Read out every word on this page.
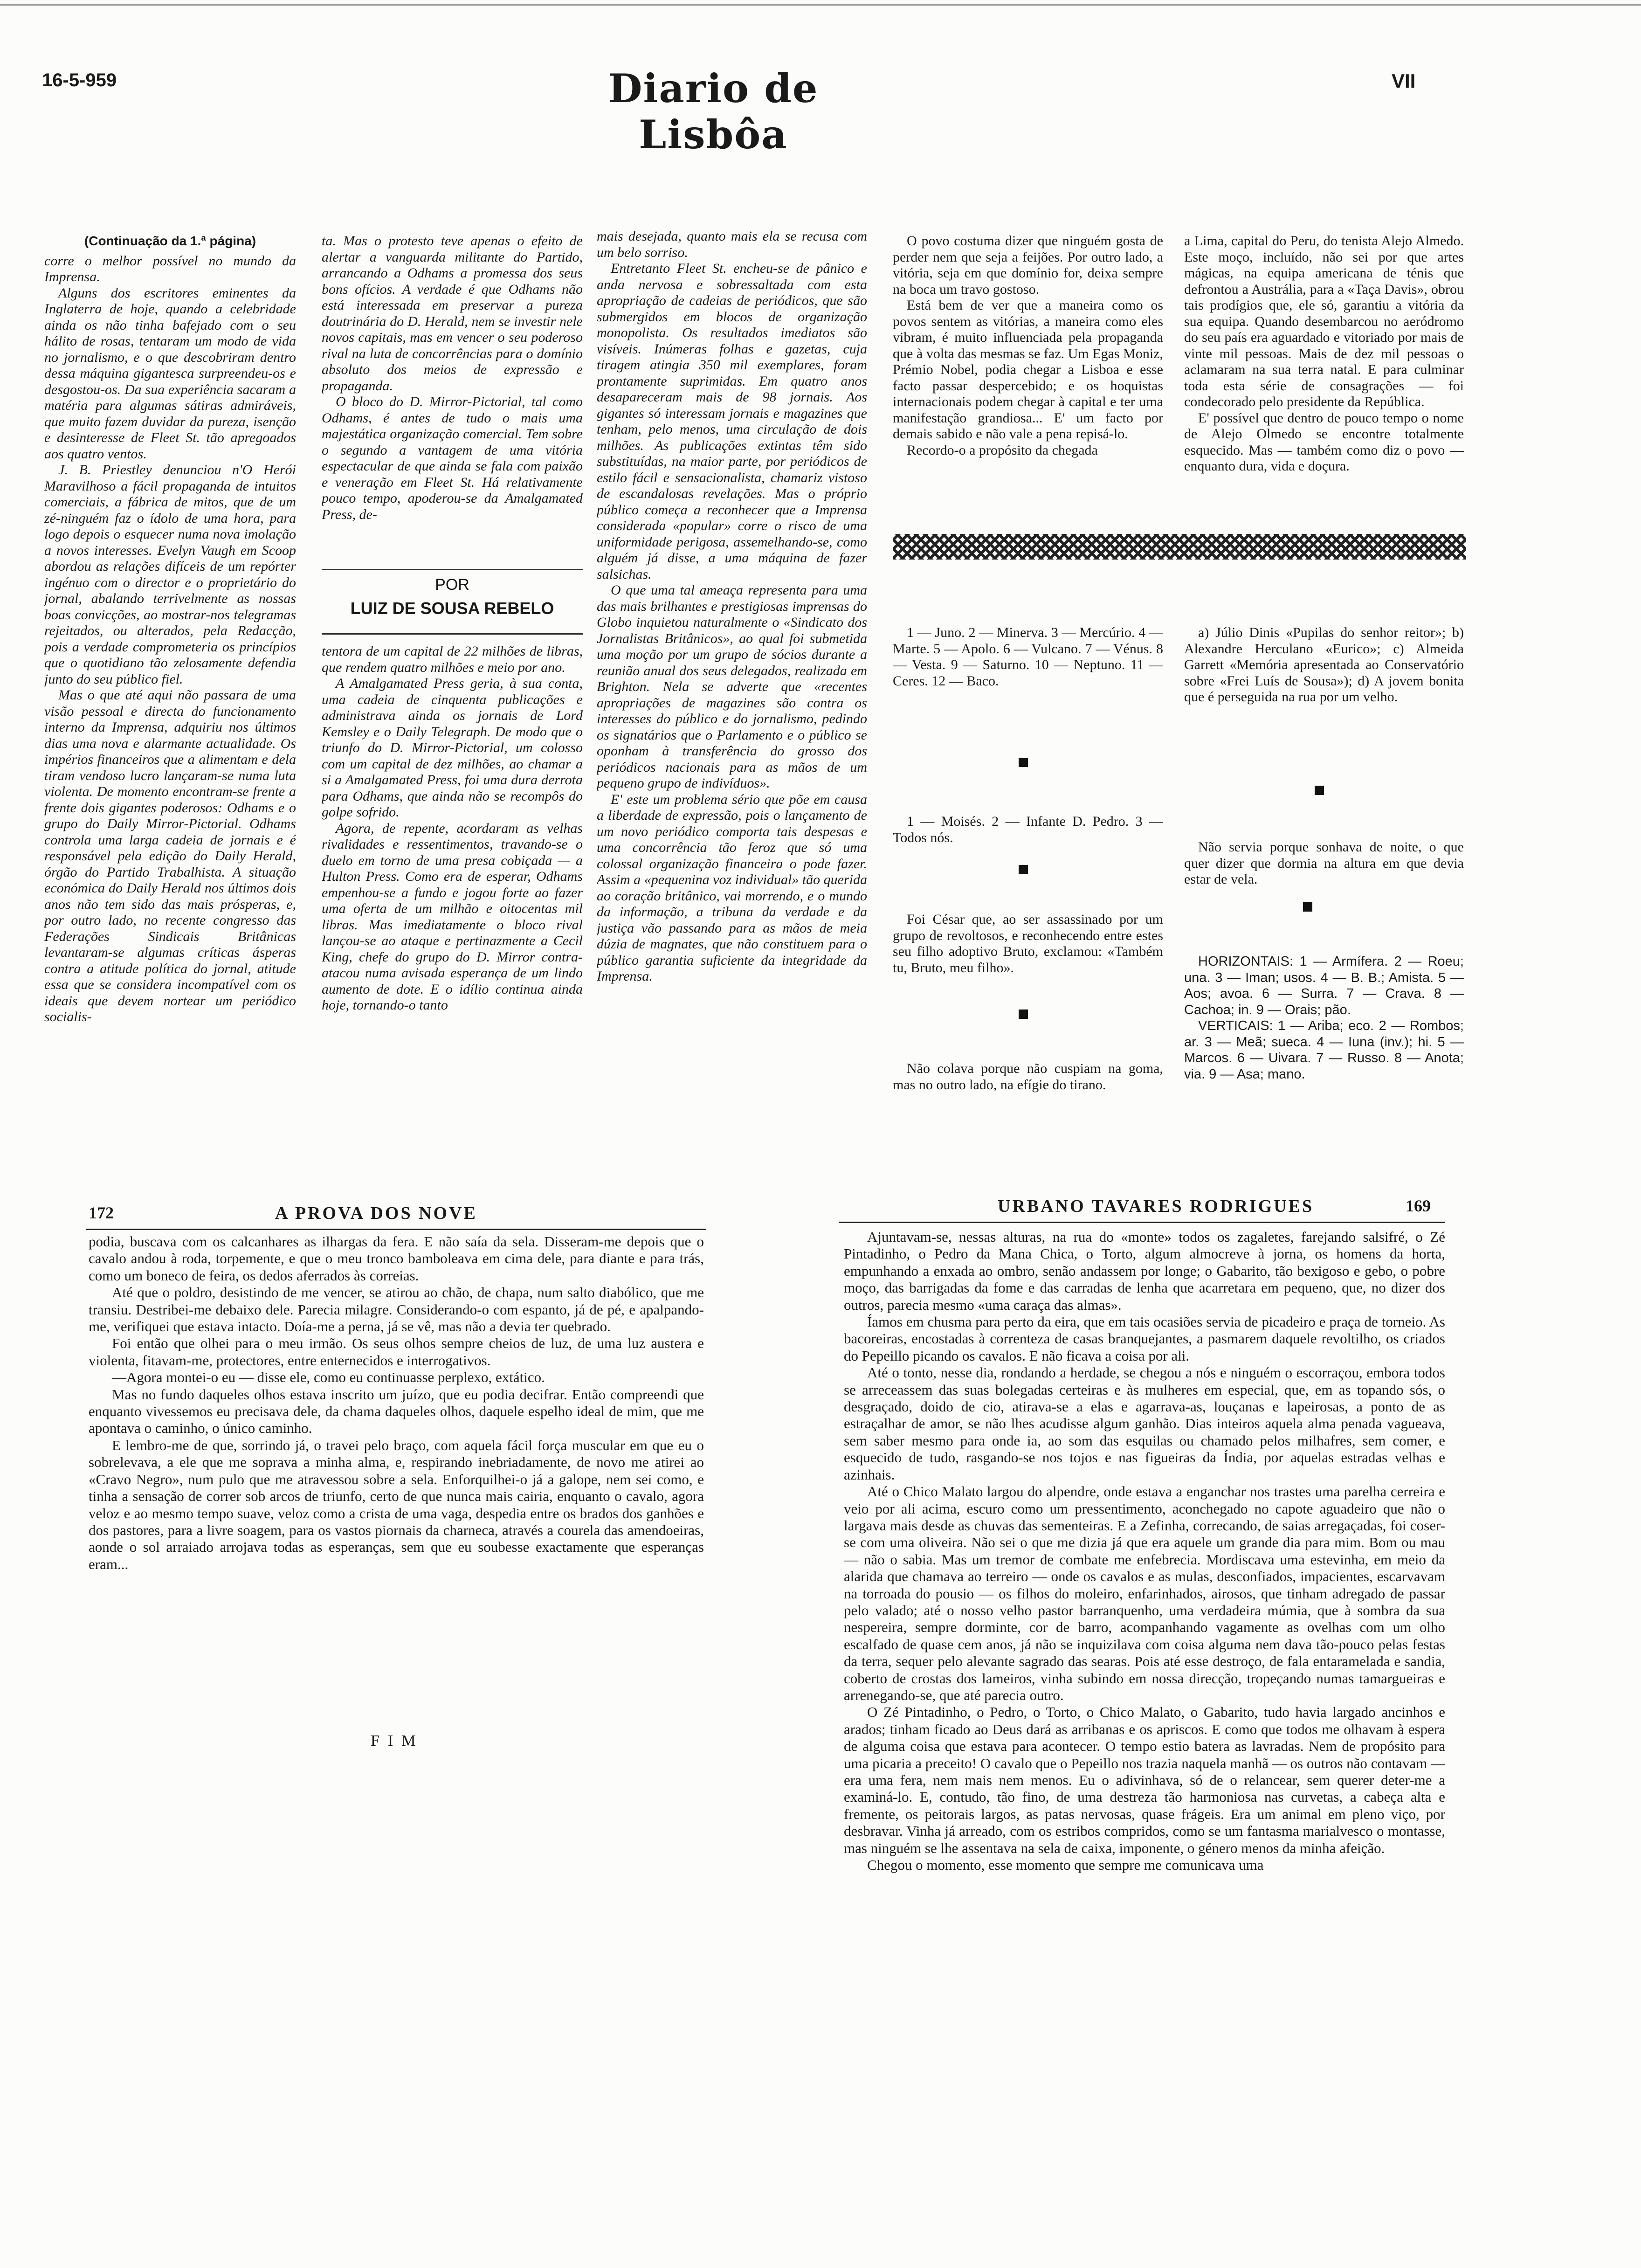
16-5-959	Diario de Lisbôa
VII
(Continuação da 1.ª página)

corre o melhor possível no mundo da Imprensa.

Alguns dos escritores eminentes da Inglaterra de hoje, quando a celebridade ainda os não tinha bafejado com o seu hálito de rosas, tentaram um modo de vida no jornalismo, e o que descobriram dentro dessa máquina gigantesca surpreendeu-os e desgostou-os. Da sua experiência sacaram a matéria para algumas sátiras admiráveis, que muito fazem duvidar da pureza, isenção e desinteresse de Fleet St. tão apregoados aos quatro ventos.

J. B. Priestley denunciou n'O Herói Maravilhoso a fácil propaganda de intuitos comerciais, a fábrica de mitos, que de um zé-ninguém faz o ídolo de uma hora, para logo depois o esquecer numa nova imolação a novos interesses. Evelyn Vaugh em Scoop abordou as relações difíceis de um repórter ingénuo com o director e o proprietário do jornal, abalando terrivelmente as nossas boas convicções, ao mostrar-nos telegramas rejeitados, ou alterados, pela Redacção, pois a verdade comprometeria os princípios que o quotidiano tão zelosamente defendia junto do seu público fiel.

Mas o que até aqui não passara de uma visão pessoal e directa do funcionamento interno da Imprensa, adquiriu nos últimos dias uma nova e alarmante actualidade. Os impérios financeiros que a alimentam e dela tiram vendoso lucro lançaram-se numa luta violenta. De momento encontram-se frente a frente dois gigantes poderosos: Odhams e o grupo do Daily Mirror-Pictorial. Odhams controla uma larga cadeia de jornais e é responsável pela edição do Daily Herald, órgão do Partido Trabalhista. A situação económica do Daily Herald nos últimos dois anos não tem sido das mais prósperas, e, por outro lado, no recente congresso das Federações Sindicais Britânicas levantaram-se algumas críticas ásperas contra a atitude política do jornal, atitude essa que se considera incompatível com os ideais que devem nortear um periódico socialis-

ta. Mas o protesto teve apenas o efeito de alertar a vanguarda militante do Partido, arrancando a Odhams a promessa dos seus bons ofícios. A verdade é que Odhams não está interessada em preservar a pureza doutrinária do D. Herald, nem se investir nele novos capitais, mas em vencer o seu poderoso rival na luta de concorrências para o domínio absoluto dos meios de expressão e propaganda.

O bloco do D. Mirror-Pictorial, tal como Odhams, é antes de tudo o mais uma majestática organização comercial. Tem sobre o segundo a vantagem de uma vitória espectacular de que ainda se fala com paixão e veneração em Fleet St. Há relativamente pouco tempo, apoderou-se da Amalgamated Press, de-

POR
LUIZ DE SOUSA REBELO

tentora de um capital de 22 milhões de libras, que rendem quatro milhões e meio por ano.

A Amalgamated Press geria, à sua conta, uma cadeia de cinquenta publicações e administrava ainda os jornais de Lord Kemsley e o Daily Telegraph. De modo que o triunfo do D. Mirror-Pictorial, um colosso com um capital de dez milhões, ao chamar a si a Amalgamated Press, foi uma dura derrota para Odhams, que ainda não se recompôs do golpe sofrido.

Agora, de repente, acordaram as velhas rivalidades e ressentimentos, travando-se o duelo em torno de uma presa cobiçada — a Hulton Press. Como era de esperar, Odhams empenhou-se a fundo e jogou forte ao fazer uma oferta de um milhão e oitocentas mil libras. Mas imediatamente o bloco rival lançou-se ao ataque e pertinazmente a Cecil King, chefe do grupo do D. Mirror contra-atacou numa avisada esperança de um lindo aumento de dote. E o idílio continua ainda hoje, tornando-o tanto

mais desejada, quanto mais ela se recusa com um belo sorriso.

Entretanto Fleet St. encheu-se de pânico e anda nervosa e sobressaltada com esta apropriação de cadeias de periódicos, que são submergidos em blocos de organização monopolista. Os resultados imediatos são visíveis. Inúmeras folhas e gazetas, cuja tiragem atingia 350 mil exemplares, foram prontamente suprimidas. Em quatro anos desapareceram mais de 98 jornais. Aos gigantes só interessam jornais e magazines que tenham, pelo menos, uma circulação de dois milhões. As publicações extintas têm sido substituídas, na maior parte, por periódicos de estilo fácil e sensacionalista, chamariz vistoso de escandalosas revelações. Mas o próprio público começa a reconhecer que a Imprensa considerada «popular» corre o risco de uma uniformidade perigosa, assemelhando-se, como alguém já disse, a uma máquina de fazer salsichas.

O que uma tal ameaça representa para uma das mais brilhantes e prestigiosas imprensas do Globo inquietou naturalmente o «Sindicato dos Jornalistas Britânicos», ao qual foi submetida uma moção por um grupo de sócios durante a reunião anual dos seus delegados, realizada em Brighton. Nela se adverte que «recentes apropriações de magazines são contra os interesses do público e do jornalismo, pedindo os signatários que o Parlamento e o público se oponham à transferência do grosso dos periódicos nacionais para as mãos de um pequeno grupo de indivíduos».

E' este um problema sério que põe em causa a liberdade de expressão, pois o lançamento de um novo periódico comporta tais despesas e uma concorrência tão feroz que só uma colossal organização financeira o pode fazer. Assim a «pequenina voz individual» tão querida ao coração britânico, vai morrendo, e o mundo da informação, a tribuna da verdade e da justiça vão passando para as mãos de meia dúzia de magnates, que não constituem para o público garantia suficiente da integridade da Imprensa.

O povo costuma dizer que ninguém gosta de perder nem que seja a feijões. Por outro lado, a vitória, seja em que domínio for, deixa sempre na boca um travo gostoso.

Está bem de ver que a maneira como os povos sentem as vitórias, a maneira como eles vibram, é muito influenciada pela propaganda que à volta das mesmas se faz. Um Egas Moniz, Prémio Nobel, podia chegar a Lisboa e esse facto passar despercebido; e os hoquistas internacionais podem chegar à capital e ter uma manifestação grandiosa... E' um facto por demais sabido e não vale a pena repisá-lo.

Recordo-o a propósito da chegada

a Lima, capital do Peru, do tenista Alejo Almedo. Este moço, incluído, não sei por que artes mágicas, na equipa americana de ténis que defrontou a Austrália, para a «Taça Davis», obrou tais prodígios que, ele só, garantiu a vitória da sua equipa. Quando desembarcou no aeródromo do seu país era aguardado e vitoriado por mais de vinte mil pessoas. Mais de dez mil pessoas o aclamaram na sua terra natal. E para culminar toda esta série de consagrações — foi condecorado pelo presidente da República.

E' possível que dentro de pouco tempo o nome de Alejo Olmedo se encontre totalmente esquecido. Mas — também como diz o povo — enquanto dura, vida e doçura.

1 — Juno. 2 — Minerva. 3 — Mercúrio. 4 — Marte. 5 — Apolo. 6 — Vulcano. 7 — Vénus. 8 — Vesta. 9 — Saturno. 10 — Neptuno. 11 — Ceres. 12 — Baco.

1 — Moisés. 2 — Infante D. Pedro. 3 — Todos nós.

Foi César que, ao ser assassinado por um grupo de revoltosos, e reconhecendo entre estes seu filho adoptivo Bruto, exclamou: «Também tu, Bruto, meu filho».

Não colava porque não cuspiam na goma, mas no outro lado, na efígie do tirano.

a) Júlio Dinis «Pupilas do senhor reitor»; b) Alexandre Herculano «Eurico»; c) Almeida Garrett «Memória apresentada ao Conservatório sobre «Frei Luís de Sousa»); d) A jovem bonita que é perseguida na rua por um velho.

Não servia porque sonhava de noite, o que quer dizer que dormia na altura em que devia estar de vela.

HORIZONTAIS: 1 — Armífera. 2 — Roeu; una. 3 — Iman; usos. 4 — B. B.; Amista. 5 — Aos; avoa. 6 — Surra. 7 — Crava. 8 — Cachoa; in. 9 — Orais; pão.

VERTICAIS: 1 — Ariba; eco. 2 — Rombos; ar. 3 — Meã; sueca. 4 — Iuna (inv.); hi. 5 — Marcos. 6 — Uivara. 7 — Russo. 8 — Anota; via. 9 — Asa; mano.

172	A PROVA DOS NOVE

podia, buscava com os calcanhares as ilhargas da fera. E não saía da sela. Disseram-me depois que o cavalo andou à roda, torpemente, e que o meu tronco bamboleava em cima dele, para diante e para trás, como um boneco de feira, os dedos aferrados às correias.

Até que o poldro, desistindo de me vencer, se atirou ao chão, de chapa, num salto diabólico, que me transiu. Destribei-me debaixo dele. Parecia milagre. Considerando-o com espanto, já de pé, e apalpando-me, verifiquei que estava intacto. Doía-me a perna, já se vê, mas não a devia ter quebrado.

Foi então que olhei para o meu irmão. Os seus olhos sempre cheios de luz, de uma luz austera e violenta, fitavam-me, protectores, entre enternecidos e interrogativos.

—Agora montei-o eu — disse ele, como eu continuasse perplexo, extático.

Mas no fundo daqueles olhos estava inscrito um juízo, que eu podia decifrar. Então compreendi que enquanto vivessemos eu precisava dele, da chama daqueles olhos, daquele espelho ideal de mim, que me apontava o caminho, o único caminho.

E lembro-me de que, sorrindo já, o travei pelo braço, com aquela fácil força muscular em que eu o sobrelevava, a ele que me soprava a minha alma, e, respirando inebriadamente, de novo me atirei ao «Cravo Negro», num pulo que me atravessou sobre a sela. Enforquilhei-o já a galope, nem sei como, e tinha a sensação de correr sob arcos de triunfo, certo de que nunca mais cairia, enquanto o cavalo, agora veloz e ao mesmo tempo suave, veloz como a crista de uma vaga, despedia entre os brados dos ganhões e dos pastores, para a livre soagem, para os vastos piornais da charneca, através a courela das amendoeiras, aonde o sol arraiado arrojava todas as esperanças, sem que eu soubesse exactamente que esperanças eram...

FIM
URBANO TAVARES RODRIGUES	169

Ajuntavam-se, nessas alturas, na rua do «monte» todos os zagaletes, farejando salsifré, o Zé Pintadinho, o Pedro da Mana Chica, o Torto, algum almocreve à jorna, os homens da horta, empunhando a enxada ao ombro, senão andassem por longe; o Gabarito, tão bexigoso e gebo, o pobre moço, das barrigadas da fome e das carradas de lenha que acarretara em pequeno, que, no dizer dos outros, parecia mesmo «uma caraça das almas».

Íamos em chusma para perto da eira, que em tais ocasiões servia de picadeiro e praça de torneio. As bacoreiras, encostadas à correnteza de casas branquejantes, a pasmarem daquele revoltilho, os criados do Pepeillo picando os cavalos. E não ficava a coisa por ali.

Até o tonto, nesse dia, rondando a herdade, se chegou a nós e ninguém o escorraçou, embora todos se arreceassem das suas bolegadas certeiras e às mulheres em especial, que, em as topando sós, o desgraçado, doido de cio, atirava-se a elas e agarrava-as, louçanas e lapeirosas, a ponto de as estraçalhar de amor, se não lhes acudisse algum ganhão. Dias inteiros aquela alma penada vagueava, sem saber mesmo para onde ia, ao som das esquilas ou chamado pelos milhafres, sem comer, e esquecido de tudo, rasgando-se nos tojos e nas figueiras da Índia, por aquelas estradas velhas e azinhais.

Até o Chico Malato largou do alpendre, onde estava a enganchar nos trastes uma parelha cerreira e veio por ali acima, escuro como um pressentimento, aconchegado no capote aguadeiro que não o largava mais desde as chuvas das sementeiras. E a Zefinha, correcando, de saias arregaçadas, foi coser-se com uma oliveira. Não sei o que me dizia já que era aquele um grande dia para mim. Bom ou mau — não o sabia. Mas um tremor de combate me enfebrecia. Mordiscava uma estevinha, em meio da alarida que chamava ao terreiro — onde os cavalos e as mulas, desconfiados, impacientes, escarvavam na torroada do pousio — os filhos do moleiro, enfarinhados, airosos, que tinham adregado de passar pelo valado; até o nosso velho pastor barranquenho, uma verdadeira múmia, que à sombra da sua nespereira, sempre dorminte, cor de barro, acompanhando vagamente as ovelhas com um olho escalfado de quase cem anos, já não se inquizilava com coisa alguma nem dava tão-pouco pelas festas da terra, sequer pelo alevante sagrado das searas. Pois até esse destroço, de fala entaramelada e sandia, coberto de crostas dos lameiros, vinha subindo em nossa direcção, tropeçando numas tamargueiras e arrenegando-se, que até parecia outro.

O Zé Pintadinho, o Pedro, o Torto, o Chico Malato, o Gabarito, tudo havia largado ancinhos e arados; tinham ficado ao Deus dará as arribanas e os apriscos. E como que todos me olhavam à espera de alguma coisa que estava para acontecer. O tempo estio batera as lavradas. Nem de propósito para uma picaria a preceito! O cavalo que o Pepeillo nos trazia naquela manhã — os outros não contavam — era uma fera, nem mais nem menos. Eu o adivinhava, só de o relancear, sem querer deter-me a examiná-lo. E, contudo, tão fino, de uma destreza tão harmoniosa nas curvetas, a cabeça alta e fremente, os peitorais largos, as patas nervosas, quase frágeis. Era um animal em pleno viço, por desbravar. Vinha já arreado, com os estribos compridos, como se um fantasma marialvesco o montasse, mas ninguém se lhe assentava na sela de caixa, imponente, o género menos da minha afeição.

Chegou o momento, esse momento que sempre me comunicava uma
